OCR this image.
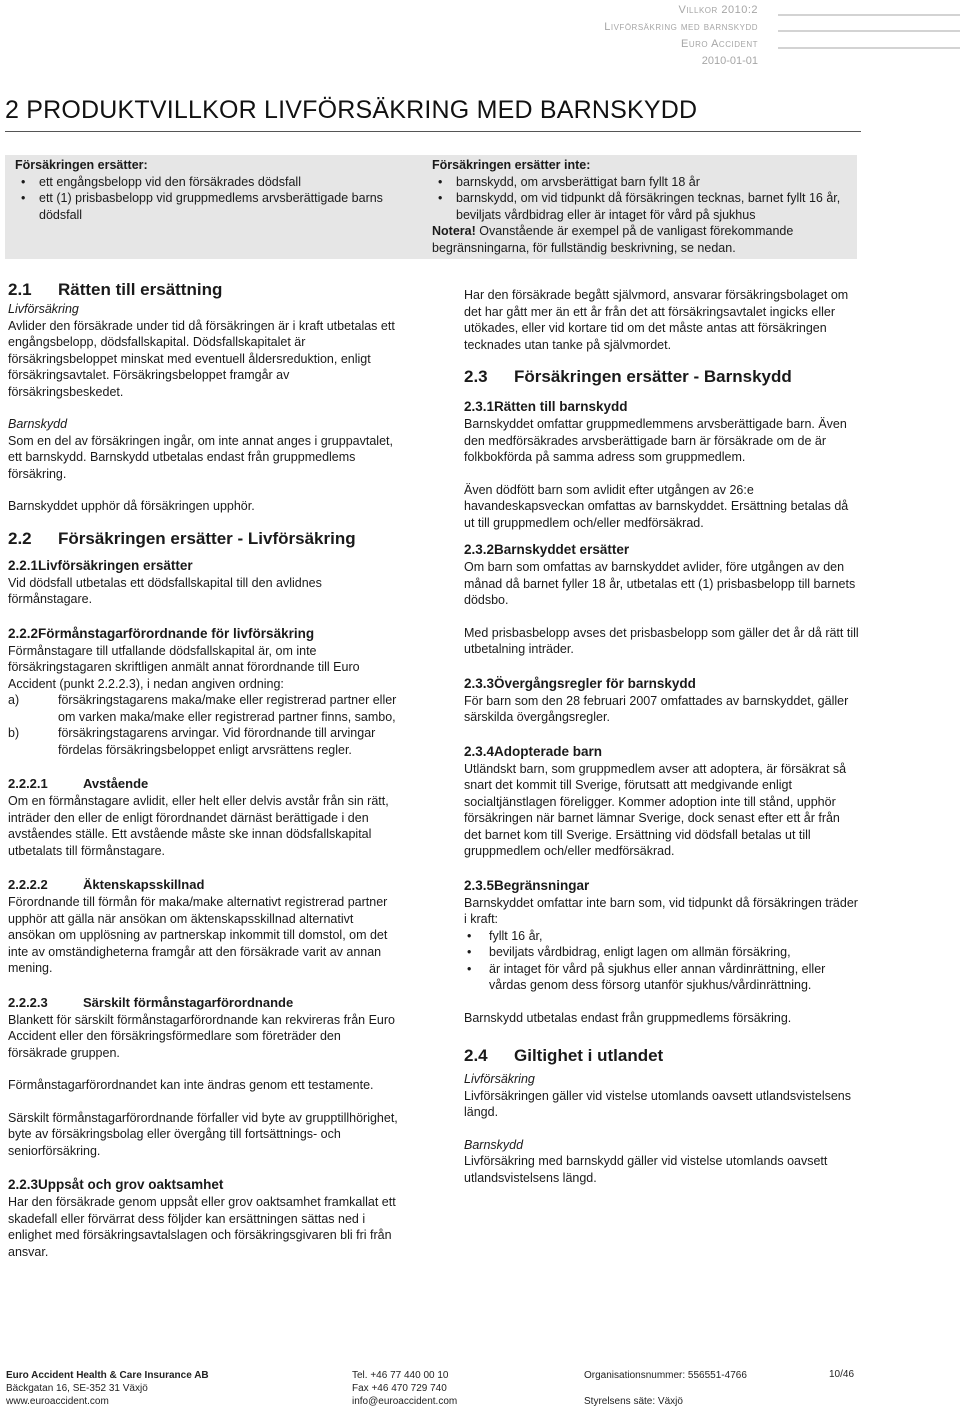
Villkor 2010:2
Livförsäkring med barnskydd
Euro Accident
2010-01-01
2 PRODUKTVILLKOR LIVFÖRSÄKRING MED BARNSKYDD
Försäkringen ersätter:
• ett engångsbelopp vid den försäkrades dödsfall
• ett (1) prisbasbelopp vid gruppmedlems arvsberättigade barns dödsfall
Försäkringen ersätter inte:
• barnskydd, om arvsberättigat barn fyllt 18 år
• barnskydd, om vid tidpunkt då försäkringen tecknas, barnet fyllt 16 år, beviljats vårdbidrag eller är intaget för vård på sjukhus
Notera! Ovanstående är exempel på de vanligast förekommande begränsningarna, för fullständig beskrivning, se nedan.
2.1 Rätten till ersättning

Livförsäkring

Avlider den försäkrade under tid då försäkringen är i kraft utbetalas ett engångsbelopp, dödsfallskapital. Dödsfallskapitalet är försäkringsbeloppet minskat med eventuell åldersreduktion, enligt försäkringsavtalet. Försäkringsbeloppet framgår av försäkringsbeskedet.

Barnskydd

Som en del av försäkringen ingår, om inte annat anges i gruppavtalet, ett barnskydd. Barnskydd utbetalas endast från gruppmedlems försäkring.

Barnskyddet upphör då försäkringen upphör.

2.2 Försäkringen ersätter - Livförsäkring
2.2.1Livförsäkringen ersätter

Vid dödsfall utbetalas ett dödsfallskapital till den avlidnes förmånstagare.

2.2.2Förmånstagarförordnande för livförsäkring

Förmånstagare till utfallande dödsfallskapital är, om inte försäkringstagaren skriftligen anmält annat förordnande till Euro Accident (punkt 2.2.2.3), i nedan angiven ordning:

a)	försäkringstagarens maka/make eller registrerad partner eller om varken maka/make eller registrerad partner finns, sambo,
b)	försäkringstagarens arvingar. Vid förordnande till arvingar fördelas försäkringsbeloppet enligt arvsrättens regler.
2.2.2.1	Avstående

Om en förmånstagare avlidit, eller helt eller delvis avstår från sin rätt, inträder den eller de enligt förordnandet därnäst berättigade i den avståendes ställe. Ett avstående måste ske innan dödsfallskapital utbetalats till förmånstagare.

2.2.2.2	Äktenskapsskillnad

Förordnande till förmån för maka/make alternativt registrerad partner upphör att gälla när ansökan om äktenskapsskillnad alternativt ansökan om upplösning av partnerskap inkommit till domstol, om det inte av omständigheterna framgår att den försäkrade varit av annan mening.

2.2.2.3	Särskilt förmånstagarförordnande

Blankett för särskilt förmånstagarförordnande kan rekvireras från Euro Accident eller den försäkringsförmedlare som företräder den försäkrade gruppen.

Förmånstagarförordnandet kan inte ändras genom ett testamente.

Särskilt förmånstagarförordnande förfaller vid byte av grupptillhörighet, byte av försäkringsbolag eller övergång till fortsättnings- och seniorförsäkring.

2.2.3Uppsåt och grov oaktsamhet

Har den försäkrade genom uppsåt eller grov oaktsamhet framkallat ett skadefall eller förvärrat dess följder kan ersättningen sättas ned i enlighet med försäkringsavtalslagen och försäkringsgivaren bli fri från ansvar.

Har den försäkrade begått självmord, ansvarar försäkringsbolaget om det har gått mer än ett år från det att försäkringsavtalet ingicks eller utökades, eller vid kortare tid om det måste antas att försäkringen tecknades utan tanke på självmordet.

2.3 Försäkringen ersätter - Barnskydd
2.3.1Rätten till barnskydd

Barnskyddet omfattar gruppmedlemmens arvsberättigade barn. Även den medförsäkrades arvsberättigade barn är försäkrade om de är folkbokförda på samma adress som gruppmedlem.

Även dödfött barn som avlidit efter utgången av 26:e havandeskapsveckan omfattas av barnskyddet. Ersättning betalas då ut till gruppmedlem och/eller medförsäkrad.

2.3.2Barnskyddet ersätter

Om barn som omfattas av barnskyddet avlider, före utgången av den månad då barnet fyller 18 år, utbetalas ett (1) prisbasbelopp till barnets dödsbo.

Med prisbasbelopp avses det prisbasbelopp som gäller det år då rätt till utbetalning inträder.

2.3.3Övergångsregler för barnskydd

För barn som den 28 februari 2007 omfattades av barnskyddet, gäller särskilda övergångsregler.

2.3.4Adopterade barn

Utländskt barn, som gruppmedlem avser att adoptera, är försäkrat så snart det kommit till Sverige, förutsatt att medgivande enligt socialtjänstlagen föreligger. Kommer adoption inte till stånd, upphör försäkringen när barnet lämnar Sverige, dock senast efter ett år från det barnet kom till Sverige. Ersättning vid dödsfall betalas ut till gruppmedlem och/eller medförsäkrad.

2.3.5Begränsningar

Barnskyddet omfattar inte barn som, vid tidpunkt då försäkringen träder i kraft:

• fyllt 16 år,
• beviljats vårdbidrag, enligt lagen om allmän försäkring,
• är intaget för vård på sjukhus eller annan vårdinrättning, eller vårdas genom dess försorg utanför sjukhus/vårdinrättning.

Barnskydd utbetalas endast från gruppmedlems försäkring.

2.4 Giltighet i utlandet

Livförsäkring

Livförsäkringen gäller vid vistelse utomlands oavsett utlandsvistelsens längd.

Barnskydd

Livförsäkring med barnskydd gäller vid vistelse utomlands oavsett utlandsvistelsens längd.

Euro Accident Health & Care Insurance AB
Bäckgatan 16, SE-352 31 Växjö
www.euroaccident.com
Tel. +46 77 440 00 10
Fax +46 470 729 740
info@euroaccident.com
Organisationsnummer: 556551-4766
Styrelsens säte: Växjö
10/46
